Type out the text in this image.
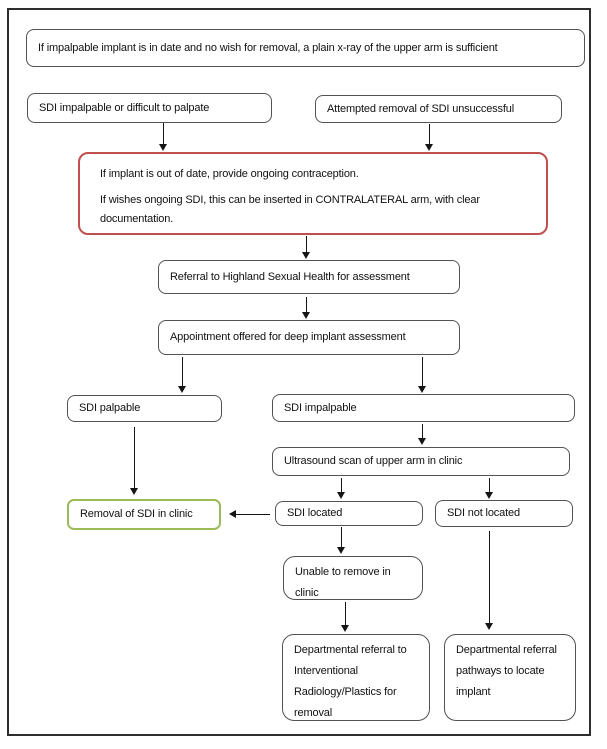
If impalpable implant is in date and no wish for removal, a plain x-ray of the upper arm is sufficient
SDI impalpable or difficult to palpate	Attempted removal of SDI unsuccessful

If implant is out of date, provide ongoing contraception.

If wishes ongoing SDI, this can be inserted in CONTRALATERAL arm, with clear documentation.

Referral to Highland Sexual Health for assessment
Appointment offered for deep implant assessment
SDI palpable	SDI impalpable
Ultrasound scan of upper arm in clinic
Removal of SDI in clinic	SDI located	SDI not located
Unable to remove in clinic
Departmental referral to Interventional Radiology/Plastics for removal
Departmental referral pathways to locate implant
